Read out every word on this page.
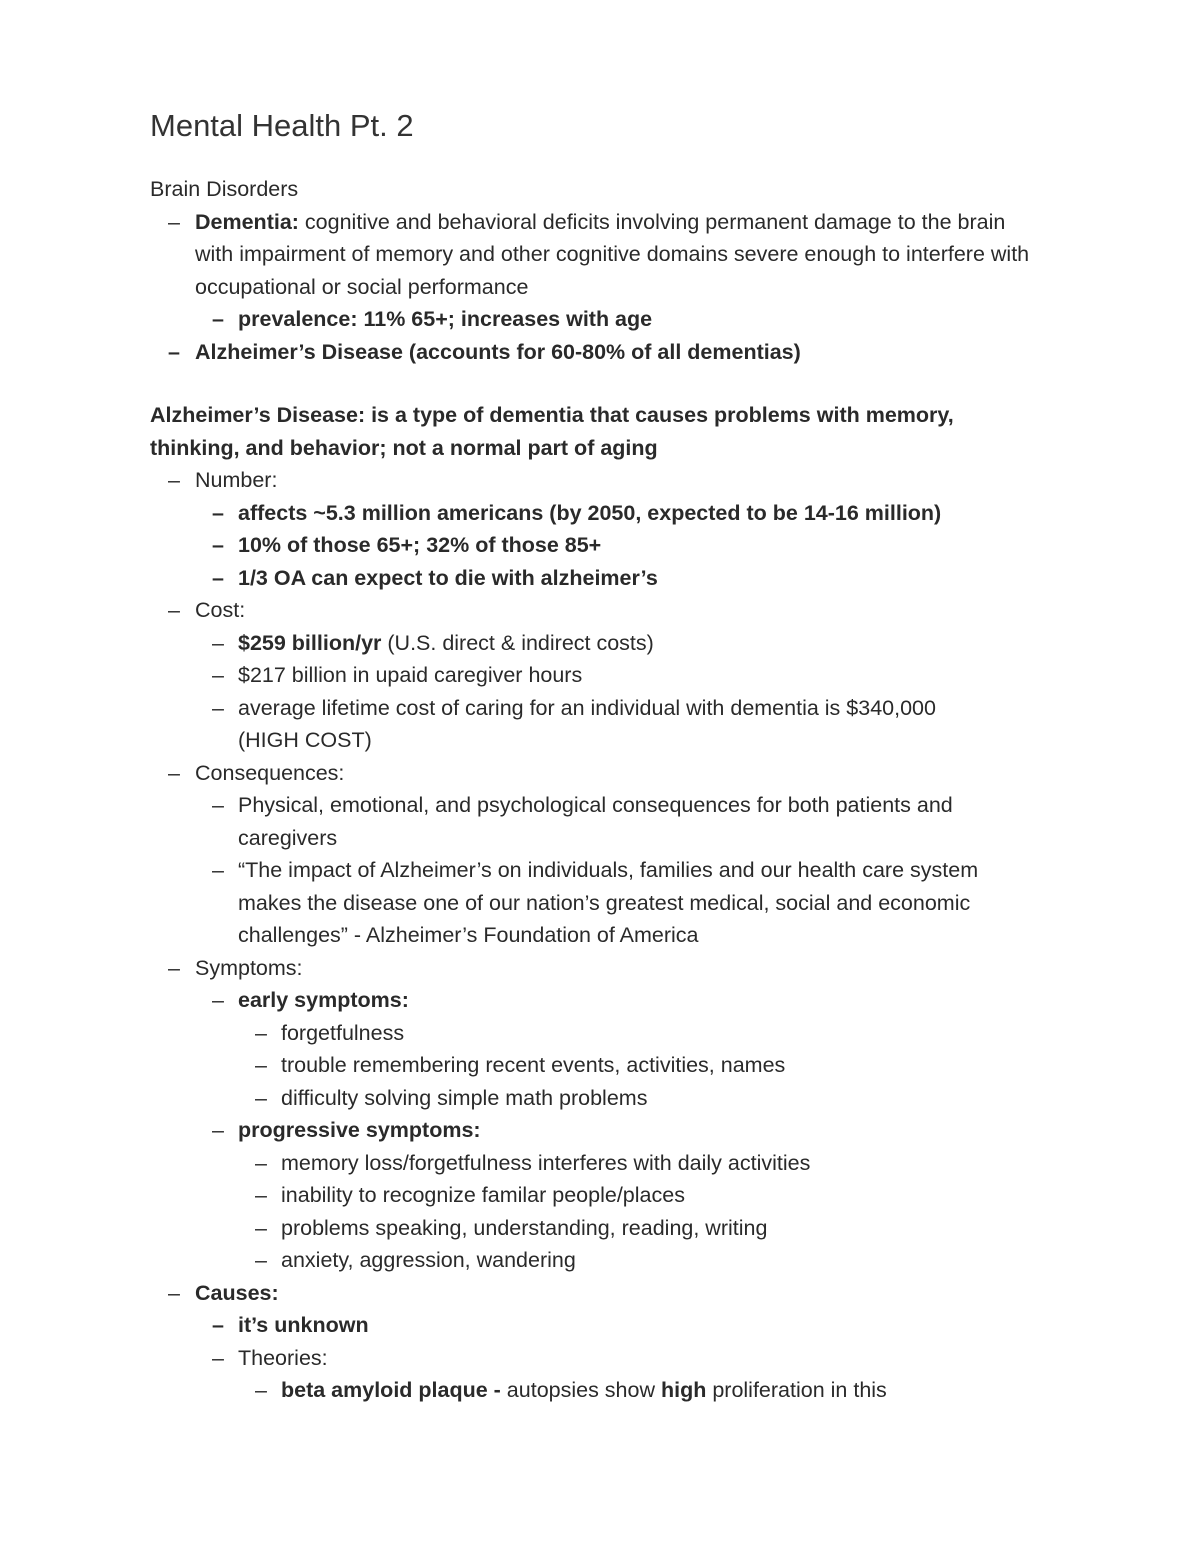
Mental Health Pt. 2

Brain Disorders

– Dementia: cognitive and behavioral deficits involving permanent damage to the brain with impairment of memory and other cognitive domains severe enough to interfere with occupational or social performance
– prevalence: 11% 65+; increases with age
– Alzheimer’s Disease (accounts for 60-80% of all dementias)

Alzheimer’s Disease: is a type of dementia that causes problems with memory, thinking, and behavior; not a normal part of aging

– Number:
– affects ~5.3 million americans (by 2050, expected to be 14-16 million)
– 10% of those 65+; 32% of those 85+
– 1/3 OA can expect to die with alzheimer’s
– Cost:
– $259 billion/yr (U.S. direct & indirect costs)
– $217 billion in upaid caregiver hours
– average lifetime cost of caring for an individual with dementia is $340,000 (HIGH COST)
– Consequences:
– Physical, emotional, and psychological consequences for both patients and caregivers
– “The impact of Alzheimer’s on individuals, families and our health care system makes the disease one of our nation’s greatest medical, social and economic challenges” - Alzheimer’s Foundation of America
– Symptoms:
– early symptoms:
– forgetfulness
– trouble remembering recent events, activities, names
– difficulty solving simple math problems
– progressive symptoms:
– memory loss/forgetfulness interferes with daily activities
– inability to recognize familar people/places
– problems speaking, understanding, reading, writing
– anxiety, aggression, wandering
– Causes:
– it’s unknown
– Theories:
– beta amyloid plaque - autopsies show high proliferation in this
